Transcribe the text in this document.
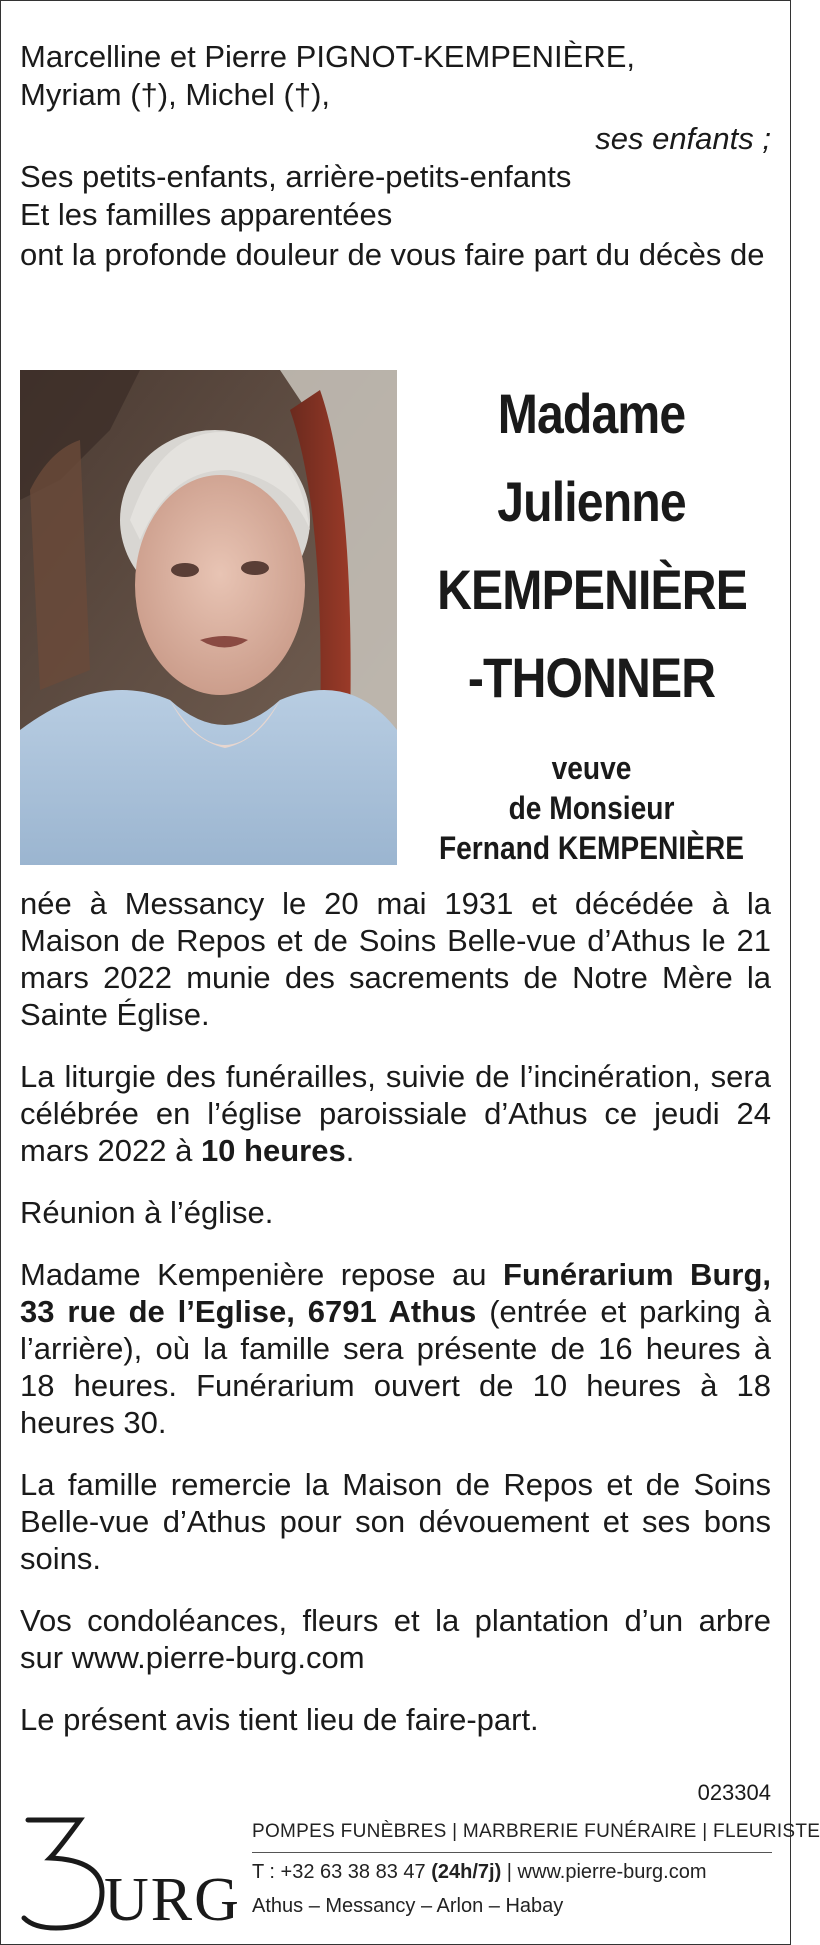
Marcelline et Pierre PIGNOT-KEMPENIÈRE,

Myriam (†), Michel (†),

ses enfants ;

Ses petits-enfants, arrière-petits-enfants

Et les familles apparentées

ont la profonde douleur de vous faire part du décès de

Madame
Julienne
KEMPENIÈRE
-THONNER
veuve
de Monsieur
Fernand KEMPENIÈRE

née à Messancy le 20 mai 1931 et décédée à la Maison de Repos et de Soins Belle-vue d’Athus le 21 mars 2022 munie des sacrements de Notre Mère la Sainte Église.

La liturgie des funérailles, suivie de l’incinération, sera célébrée en l’église paroissiale d’Athus ce jeudi 24 mars 2022 à 10 heures.

Réunion à l’église.

Madame Kempenière repose au Funérarium Burg, 33 rue de l’Eglise, 6791 Athus (entrée et parking à l’arrière), où la famille sera présente de 16 heures à 18 heures. Funérarium ouvert de 10 heures à 18 heures 30.

La famille remercie la Maison de Repos et de Soins Belle-vue d’Athus pour son dévouement et ses bons soins.

Vos condoléances, fleurs et la plantation d’un arbre sur www.pierre-burg.com

Le présent avis tient lieu de faire-part.

023304
URG
POMPES FUNÈBRES | MARBRERIE FUNÉRAIRE | FLEURISTE
T : +32 63 38 83 47 (24h/7j) | www.pierre-burg.com
Athus – Messancy – Arlon – Habay
